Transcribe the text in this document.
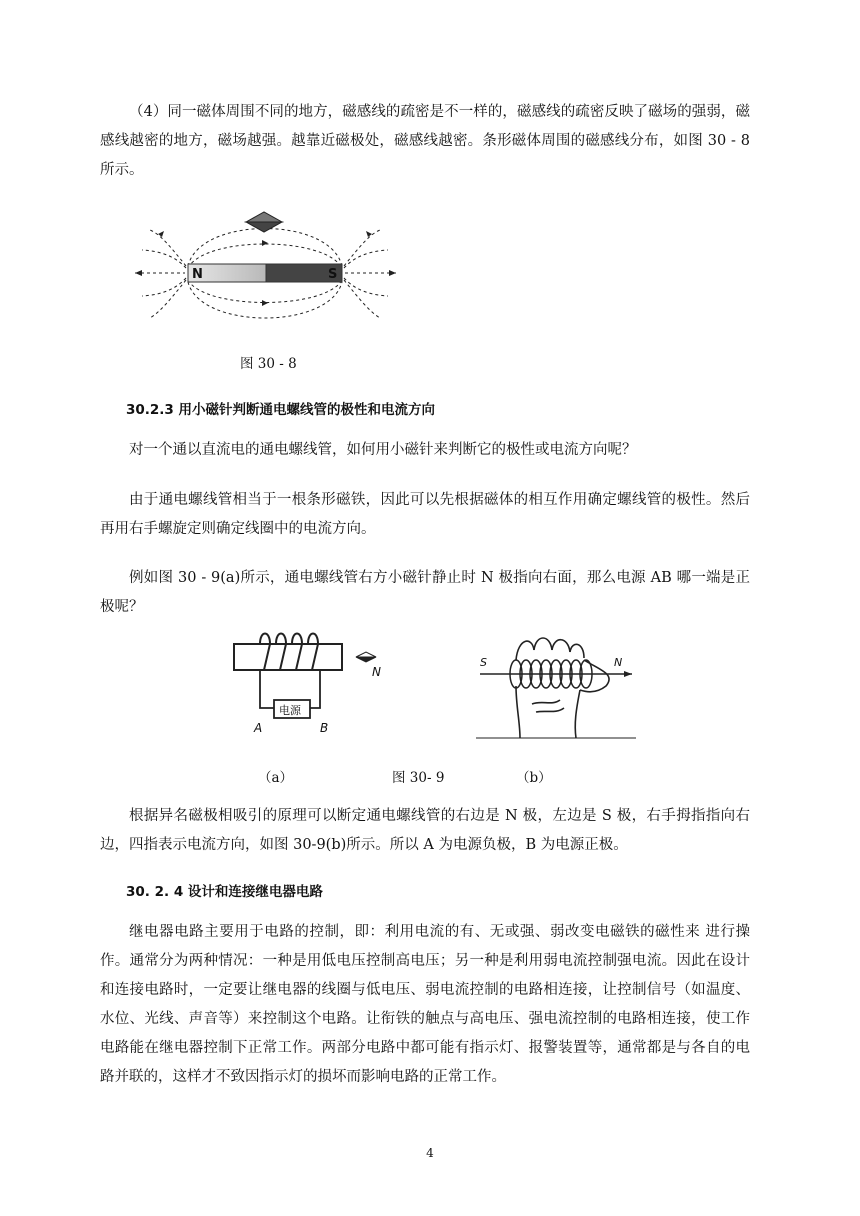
（4）同一磁体周围不同的地方，磁感线的疏密是不一样的，磁感线的疏密反映了磁场的强弱，磁感线越密的地方，磁场越强。越靠近磁极处，磁感线越密。条形磁体周围的磁感线分布，如图 30 - 8 所示。

N	S
图 30 - 8

30.2.3 用小磁针判断通电螺线管的极性和电流方向

对一个通以直流电的通电螺线管，如何用小磁针来判断它的极性或电流方向呢？

由于通电螺线管相当于一根条形磁铁，因此可以先根据磁体的相互作用确定螺线管的极性。然后再用右手螺旋定则确定线圈中的电流方向。

例如图 30 - 9(a)所示，通电螺线管右方小磁针静止时 N 极指向右面，那么电源 AB 哪一端是正极呢？

电源
A	B
N
S	N
（a）	图 30- 9	（b）

根据异名磁极相吸引的原理可以断定通电螺线管的右边是 N 极，左边是 S 极，右手拇指指向右边，四指表示电流方向，如图 30-9(b)所示。所以 A 为电源负极，B 为电源正极。

30. 2. 4 设计和连接继电器电路

继电器电路主要用于电路的控制，即：利用电流的有、无或强、弱改变电磁铁的磁性来 进行操作。通常分为两种情况：一种是用低电压控制高电压；另一种是利用弱电流控制强电流。因此在设计和连接电路时，一定要让继电器的线圈与低电压、弱电流控制的电路相连接，让控制信号（如温度、水位、光线、声音等）来控制这个电路。让衔铁的触点与高电压、强电流控制的电路相连接，使工作电路能在继电器控制下正常工作。两部分电路中都可能有指示灯、报警装置等，通常都是与各自的电路并联的，这样才不致因指示灯的损坏而影响电路的正常工作。

4
